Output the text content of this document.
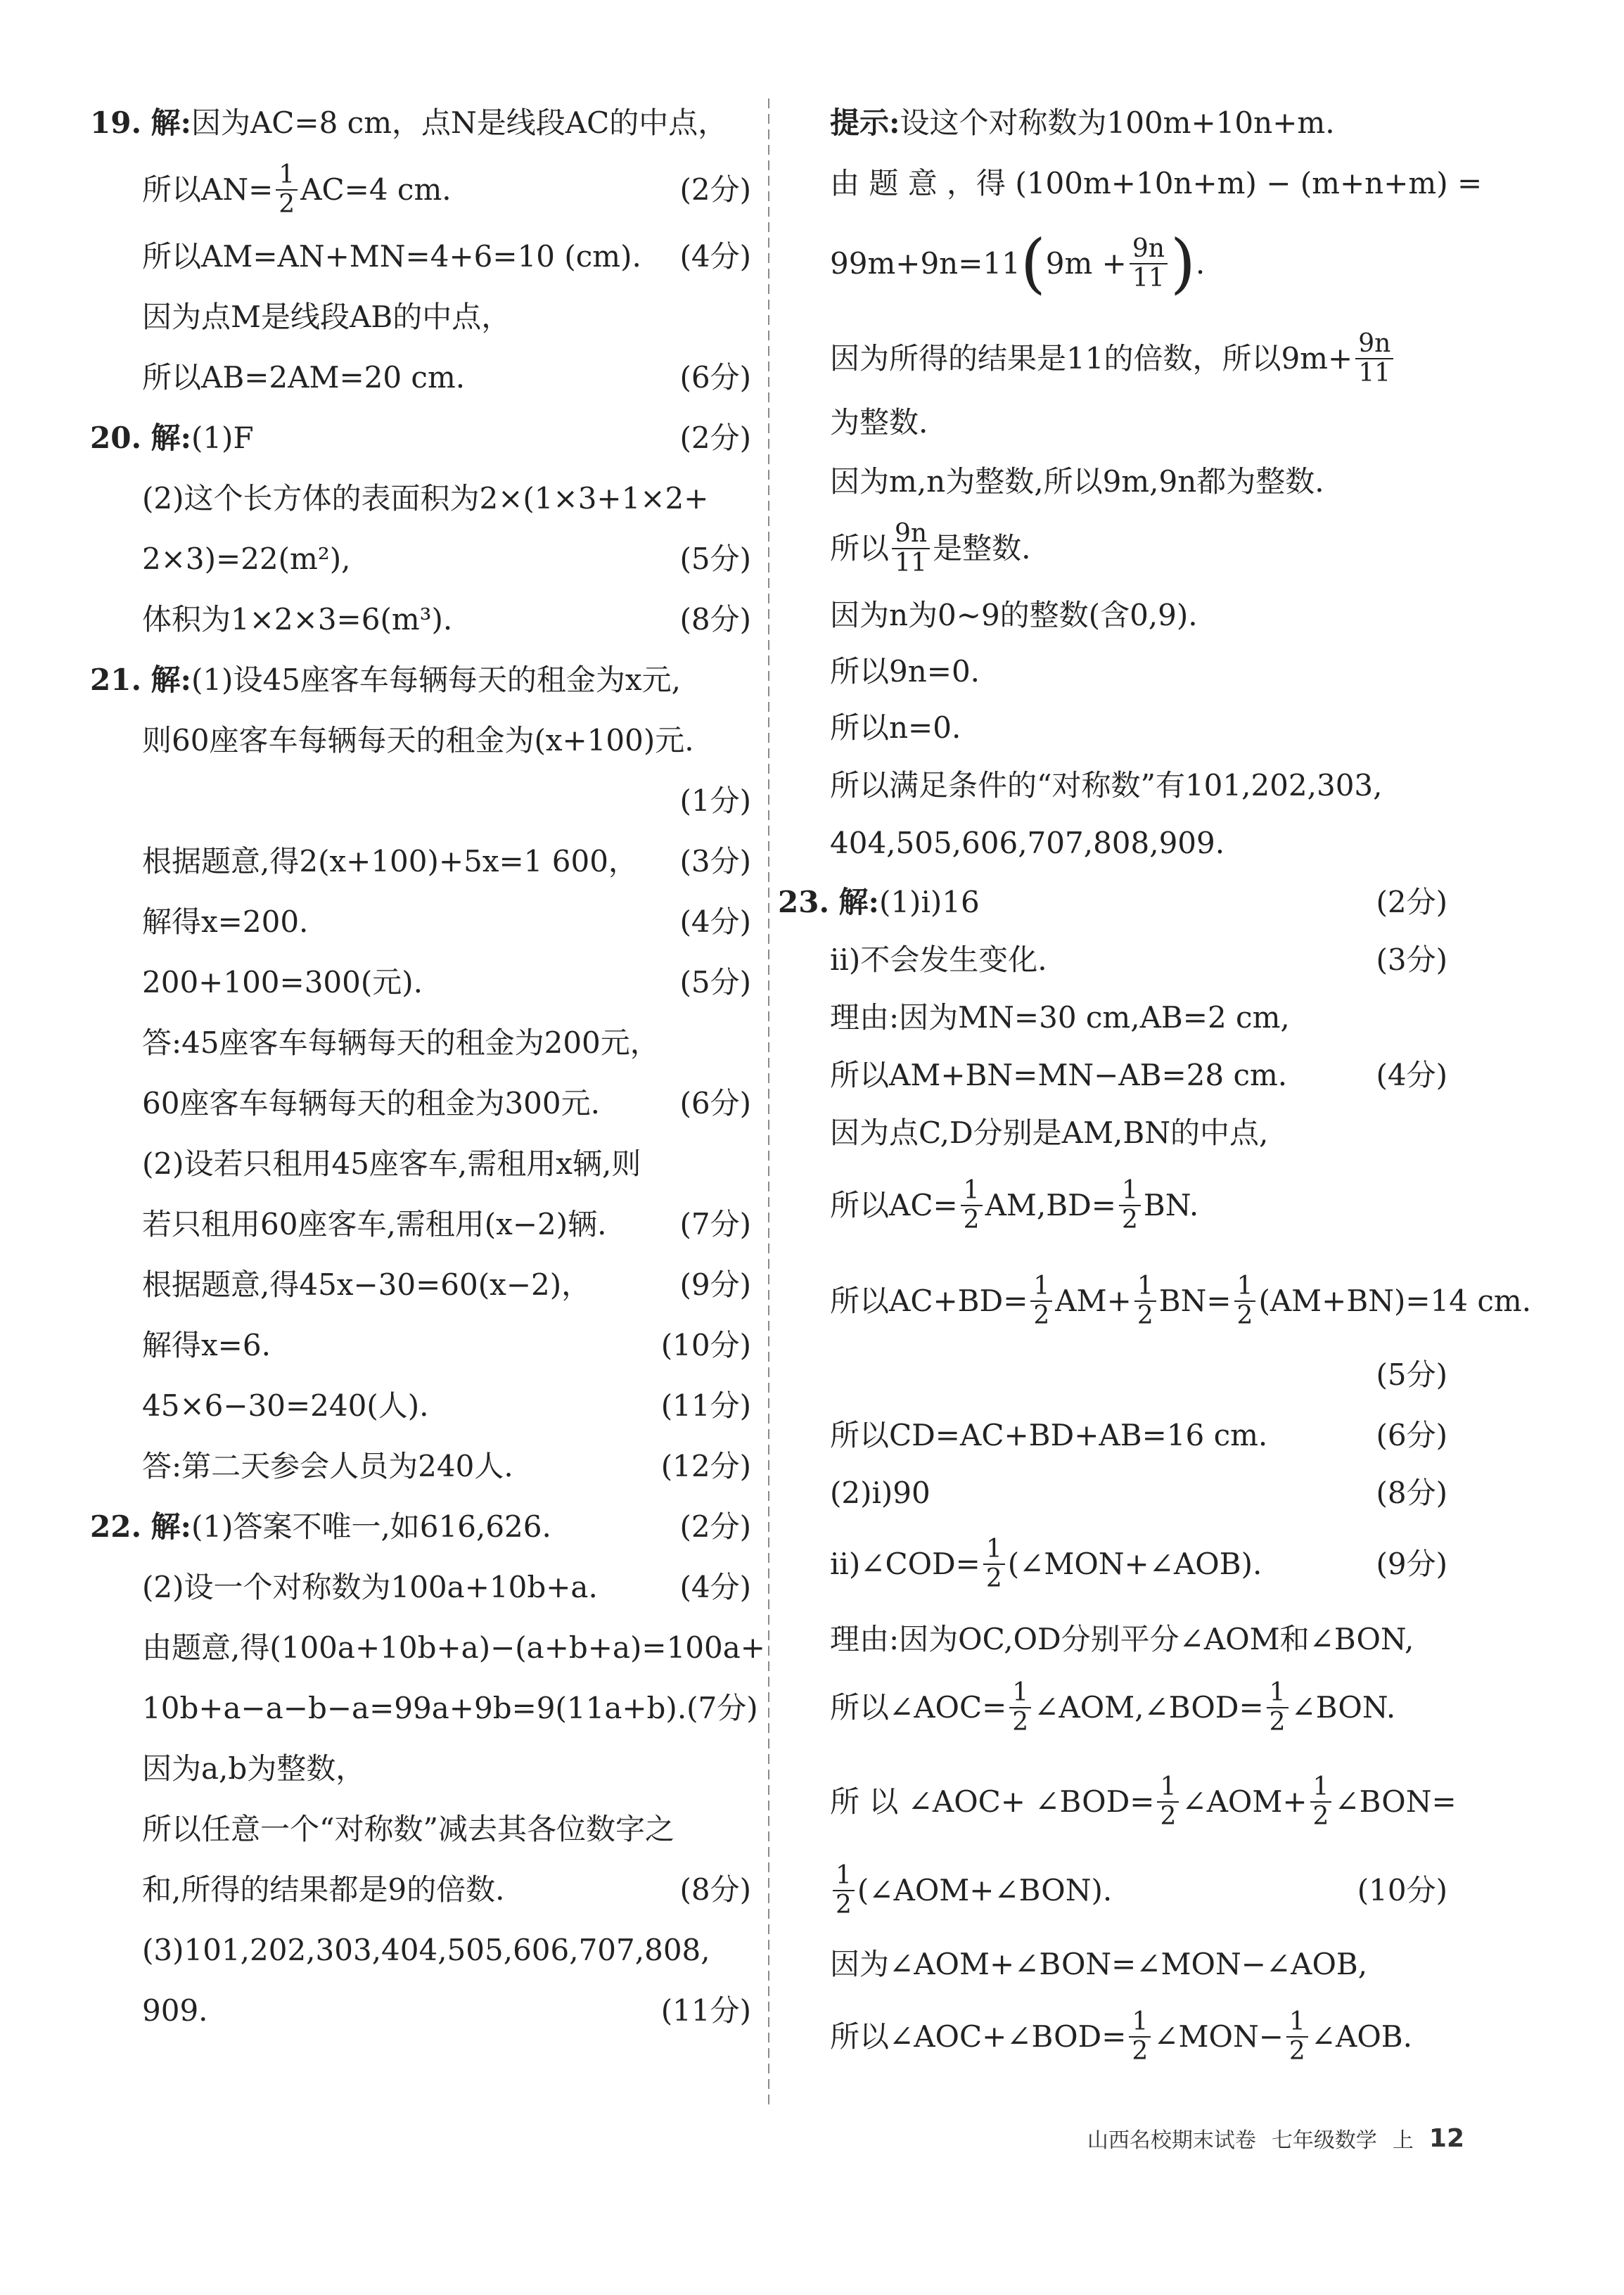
19.
解: 因为AC=8 cm，点N是线段AC的中点，
所以$AN= \frac{1}{2} AC=4$ cm.	(2分)
所以AM=AN+MN=4+6=10 (cm). (4分)
因为点M是线段AB的中点，
所以AB=2AM=20 cm.	(6分)
20.
解: (1)F	(2分)
(2)这个长方体的表面积为2×(1×3+1×2+
2×3)=22(m²),	(5分)
体积为1×2×3=6(m³).	(8分)
21.
解: (1)设45座客车每辆每天的租金为x元,
则60座客车每辆每天的租金为(x+100)元.
(1分)
根据题意,得2(x+100)+5x=1 600， (3分)
解得x=200.	(4分)
200+100=300(元).	(5分)
答:45座客车每辆每天的租金为200元，
60座客车每辆每天的租金为300元.	(6分)
(2)设若只租用45座客车,需租用x辆,则
若只租用60座客车,需租用(x−2)辆. (7分)
根据题意,得45x−30=60(x−2)，	(9分)
解得x=6.	(10分)
45×6−30=240(人).	(11分)
答:第二天参会人员为240人.	(12分)
22.
解: (1)答案不唯一,如616,626.	(2分)
(2)设一个对称数为100a+10b+a.	(4分)
由题意,得(100a+10b+a)−(a+b+a)=100a+
10b+a−a−b−a=99a+9b=9(11a+b). (7分)
因为a,b为整数，
所以任意一个“对称数”减去其各位数字之
和,所得的结果都是9的倍数.	(8分)
(3)101,202,303,404,505,606,707,808,
909.	(11分)
提示: 设这个对称数为100m+10n+m.
由 题 意 ，得 (100m+10n+m) − (m+n+m) =
99m+9n=11 ( $9m + \frac{9n}{11}$ ) .
因为所得的结果是11的倍数，所以$9m+ \frac{9n}{11}$
为整数.
因为m,n为整数,所以9m,9n都为整数.
所以 $\frac{9n}{11}$ 是整数.
因为n为0~9的整数(含0,9).
所以9n=0.
所以n=0.
所以满足条件的“对称数”有101,202,303,
404,505,606,707,808,909.
23.
解: (1)i)16	(2分)
ii)不会发生变化.	(3分)
理由:因为MN=30 cm,AB=2 cm,
所以AM+BN=MN−AB=28 cm.	(4分)
因为点C,D分别是AM,BN的中点,
所以$AC= \frac{1}{2} AM,BD= \frac{1}{2}$ BN.
所以$AC+BD= \frac{1}{2} AM+ \frac{1}{2} BN= \frac{1}{2} (AM+BN)=14$ cm.
(5分)
所以CD=AC+BD+AB=16 cm.	(6分)
(2)i)90	(8分)
ii)∠COD= $\frac{1}{2}$ (∠MON+∠AOB).	(9分)
理由:因为OC,OD分别平分∠AOM和∠BON,
所以∠AOC= $\frac{1}{2}$ ∠AOM,∠BOD= $\frac{1}{2}$ ∠BON.
所 以 ∠AOC+ ∠BOD= $\frac{1}{2}$ ∠AOM+ $\frac{1}{2}$ ∠BON=
$\frac{1}{2}$ (∠AOM+∠BON).	(10分)
因为∠AOM+∠BON=∠MON−∠AOB,
所以∠AOC+∠BOD= $\frac{1}{2}$ ∠MON− $\frac{1}{2}$ ∠AOB.
山西名校期末试卷 七年级数学 上 12
